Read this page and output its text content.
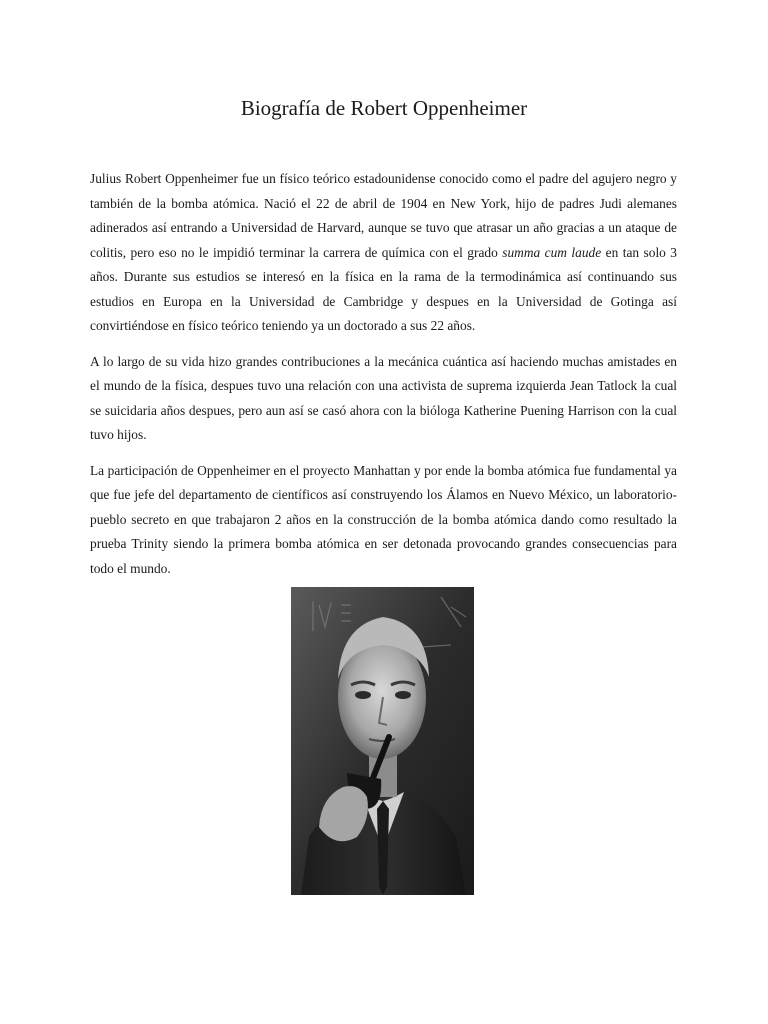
Biografía de Robert Oppenheimer

Julius Robert Oppenheimer fue un físico teórico estadounidense conocido como el padre del agujero negro y también de la bomba atómica. Nació el 22 de abril de 1904 en New York, hijo de padres Judi alemanes adinerados así entrando a Universidad de Harvard, aunque se tuvo que atrasar un año gracias a un ataque de colitis, pero eso no le impidió terminar la carrera de química con el grado summa cum laude en tan solo 3 años. Durante sus estudios se interesó en la física en la rama de la termodinámica así continuando sus estudios en Europa en la Universidad de Cambridge y despues en la Universidad de Gotinga así convirtiéndose en físico teórico teniendo ya un doctorado a sus 22 años.

A lo largo de su vida hizo grandes contribuciones a la mecánica cuántica así haciendo muchas amistades en el mundo de la física, despues tuvo una relación con una activista de suprema izquierda Jean Tatlock la cual se suicidaria años despues, pero aun así se casó ahora con la bióloga Katherine Puening Harrison con la cual tuvo hijos.

La participación de Oppenheimer en el proyecto Manhattan y por ende la bomba atómica fue fundamental ya que fue jefe del departamento de científicos así construyendo los Álamos en Nuevo México, un laboratorio-pueblo secreto en que trabajaron 2 años en la construcción de la bomba atómica dando como resultado la prueba Trinity siendo la primera bomba atómica en ser detonada provocando grandes consecuencias para todo el mundo.
